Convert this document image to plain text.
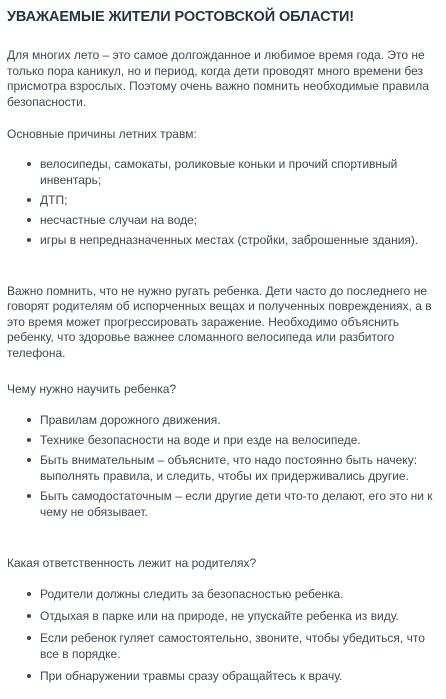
УВАЖАЕМЫЕ ЖИТЕЛИ РОСТОВСКОЙ ОБЛАСТИ!

Для многих лето – это самое долгожданное и любимое время года. Это не только пора каникул, но и период, когда дети проводят много времени без присмотра взрослых. Поэтому очень важно помнить необходимые правила безопасности.

Основные причины летних травм:

велосипеды, самокаты, роликовые коньки и прочий спортивный инвентарь;
ДТП;
несчастные случаи на воде;
игры в непредназначенных местах (стройки, заброшенные здания).

Важно помнить, что не нужно ругать ребенка. Дети часто до последнего не говорят родителям об испорченных вещах и полученных повреждениях, а в это время может прогрессировать заражение. Необходимо объяснить ребенку, что здоровье важнее сломанного велосипеда или разбитого телефона.

Чему нужно научить ребенка?

Правилам дорожного движения.
Технике безопасности на воде и при езде на велосипеде.
Быть внимательным – объясните, что надо постоянно быть начеку: выполнять правила, и следить, чтобы их придерживались другие.
Быть самодостаточным – если другие дети что-то делают, его это ни к чему не обязывает.

Какая ответственность лежит на родителях?

Родители должны следить за безопасностью ребенка.
Отдыхая в парке или на природе, не упускайте ребенка из виду.
Если ребенок гуляет самостоятельно, звоните, чтобы убедиться, что все в порядке.
При обнаружении травмы сразу обращайтесь к врачу.
